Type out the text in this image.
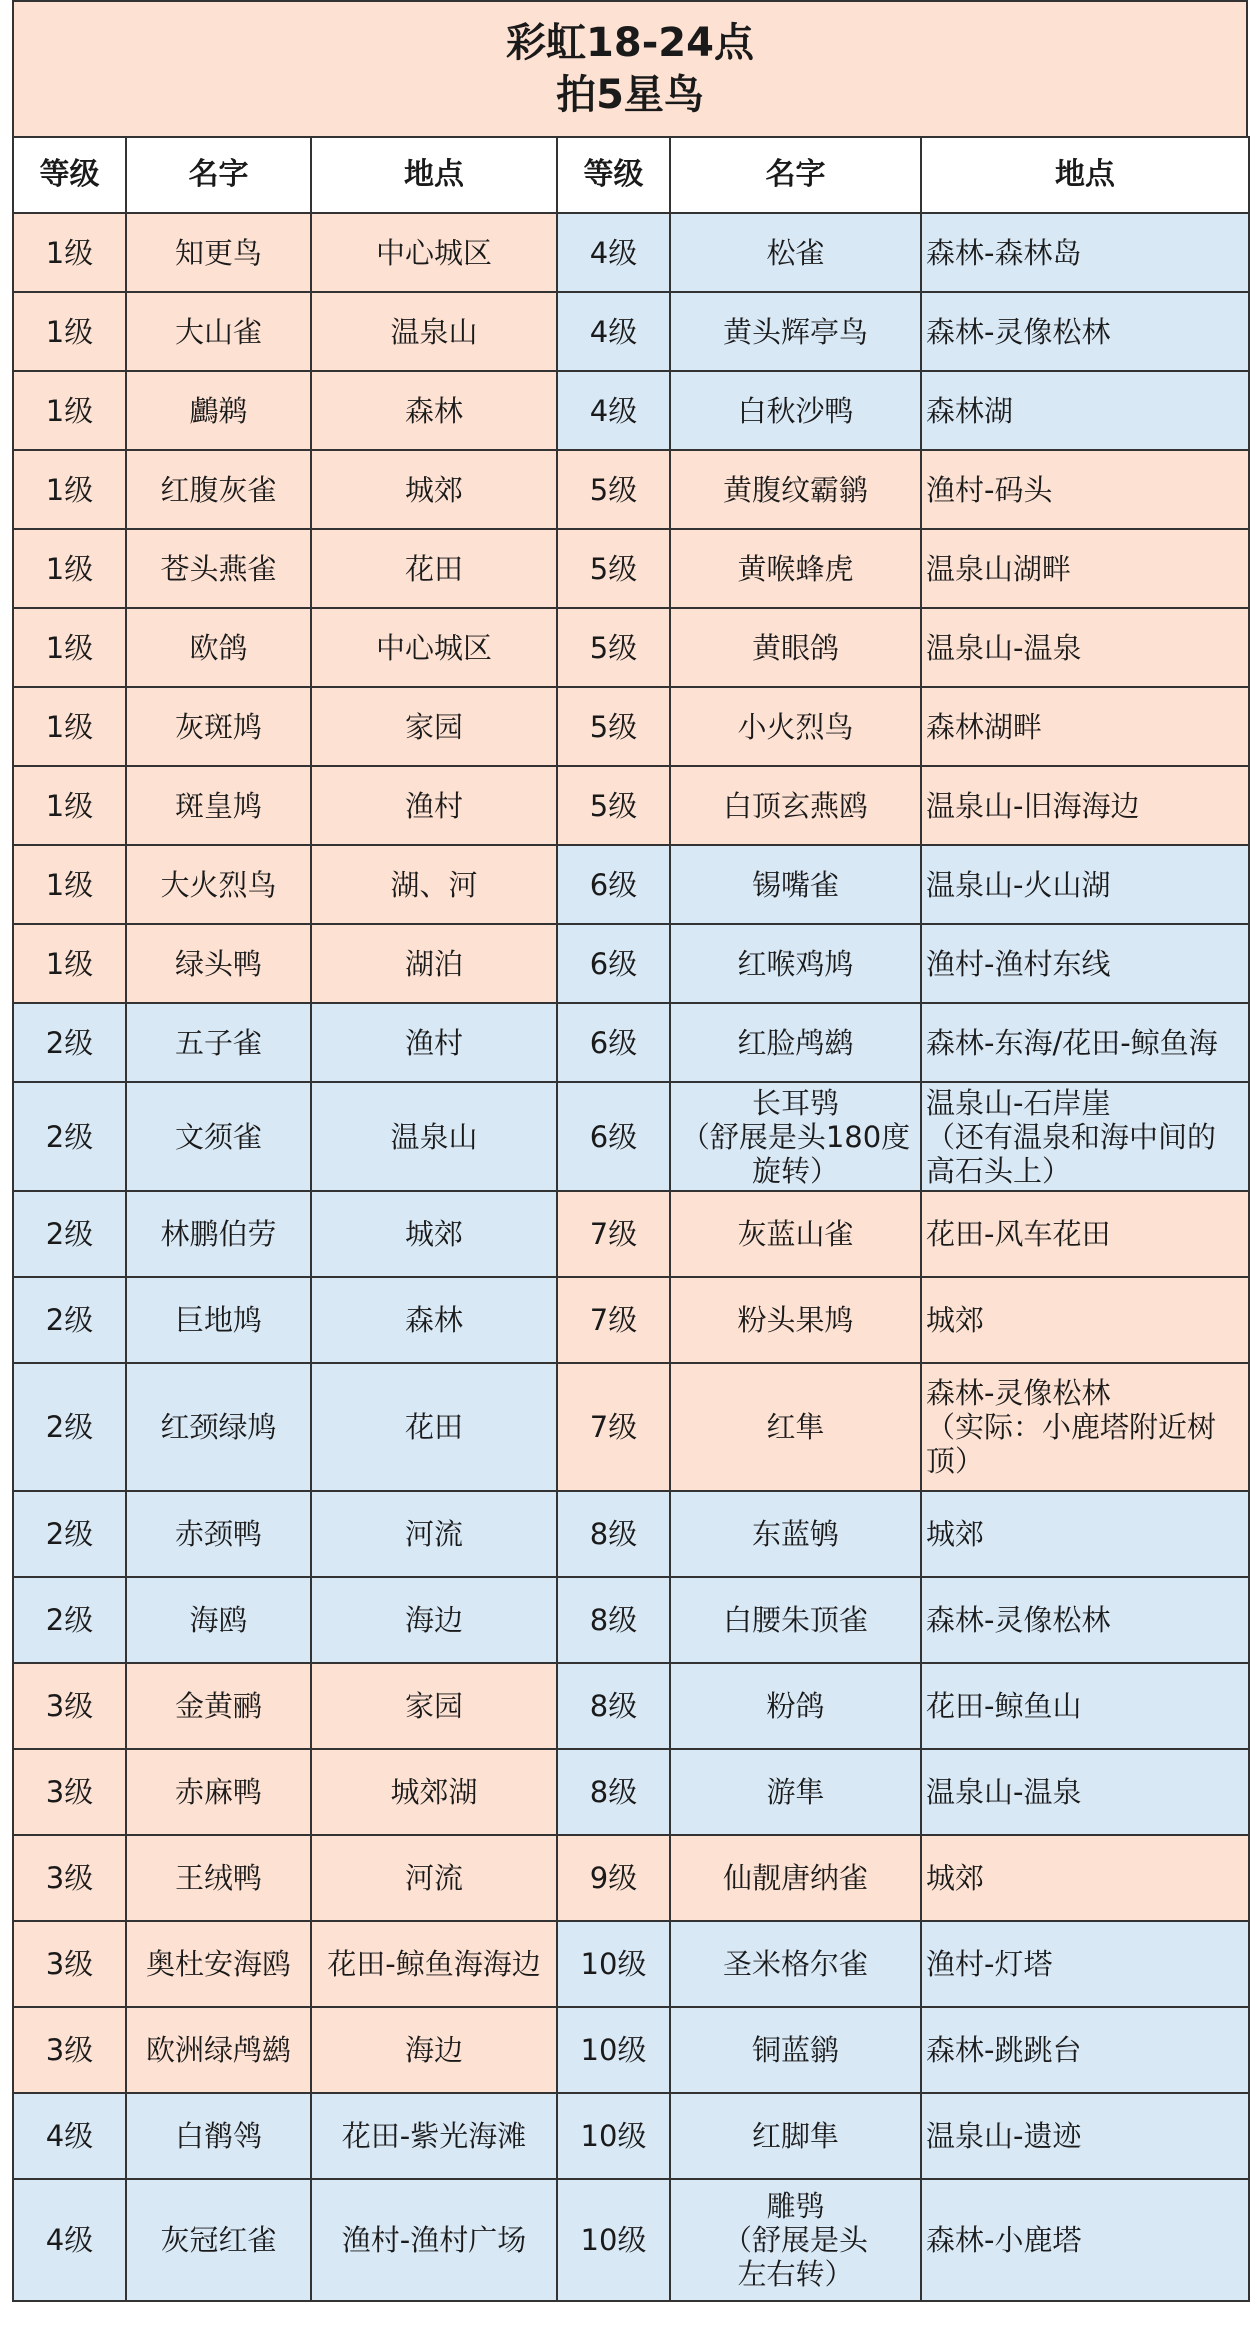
彩虹18-24点
拍5星鸟
等级	名字	地点	等级	名字	地点
1级	知更鸟	中心城区	4级	松雀	森林-森林岛

1级	大山雀	温泉山	4级	黄头辉亭鸟	森林-灵像松林

1级	鸕鹈	森林	4级	白秋沙鸭	森林湖

1级	红腹灰雀	城郊	5级	黄腹纹霸鹟	渔村-码头

1级	苍头燕雀	花田	5级	黄喉蜂虎	温泉山湖畔

1级	欧鸽	中心城区	5级	黄眼鸽	温泉山-温泉

1级	灰斑鸠	家园	5级	小火烈鸟	森林湖畔

1级	斑皇鸠	渔村	5级	白顶玄燕鸥	温泉山-旧海海边

1级	大火烈鸟	湖、河	6级	锡嘴雀	温泉山-火山湖

1级	绿头鸭	湖泊	6级	红喉鸡鸠	渔村-渔村东线

2级	五子雀	渔村	6级	红脸鸬鹚	森林-东海/花田-鲸鱼海

2级	文须雀	温泉山	6级	长耳鸮
（舒展是头180度
旋转）	温泉山-石岸崖
（还有温泉和海中间的
高石头上）

2级	林鹏伯劳	城郊	7级	灰蓝山雀	花田-风车花田

2级	巨地鸠	森林	7级	粉头果鸠	城郊

2级	红颈绿鸠	花田	7级	红隼	森林-灵像松林
（实际：小鹿塔附近树
顶）

2级	赤颈鸭	河流	8级	东蓝鸲	城郊

2级	海鸥	海边	8级	白腰朱顶雀	森林-灵像松林

3级	金黄鹂	家园	8级	粉鸽	花田-鲸鱼山

3级	赤麻鸭	城郊湖	8级	游隼	温泉山-温泉

3级	王绒鸭	河流	9级	仙靓唐纳雀	城郊

3级	奥杜安海鸥	花田-鲸鱼海海边	10级	圣米格尔雀	渔村-灯塔

3级	欧洲绿鸬鹚	海边	10级	铜蓝鹟	森林-跳跳台

4级	白鹡鸰	花田-紫光海滩	10级	红脚隼	温泉山-遗迹

4级	灰冠红雀	渔村-渔村广场	10级	雕鸮
（舒展是头
左右转）	森林-小鹿塔
